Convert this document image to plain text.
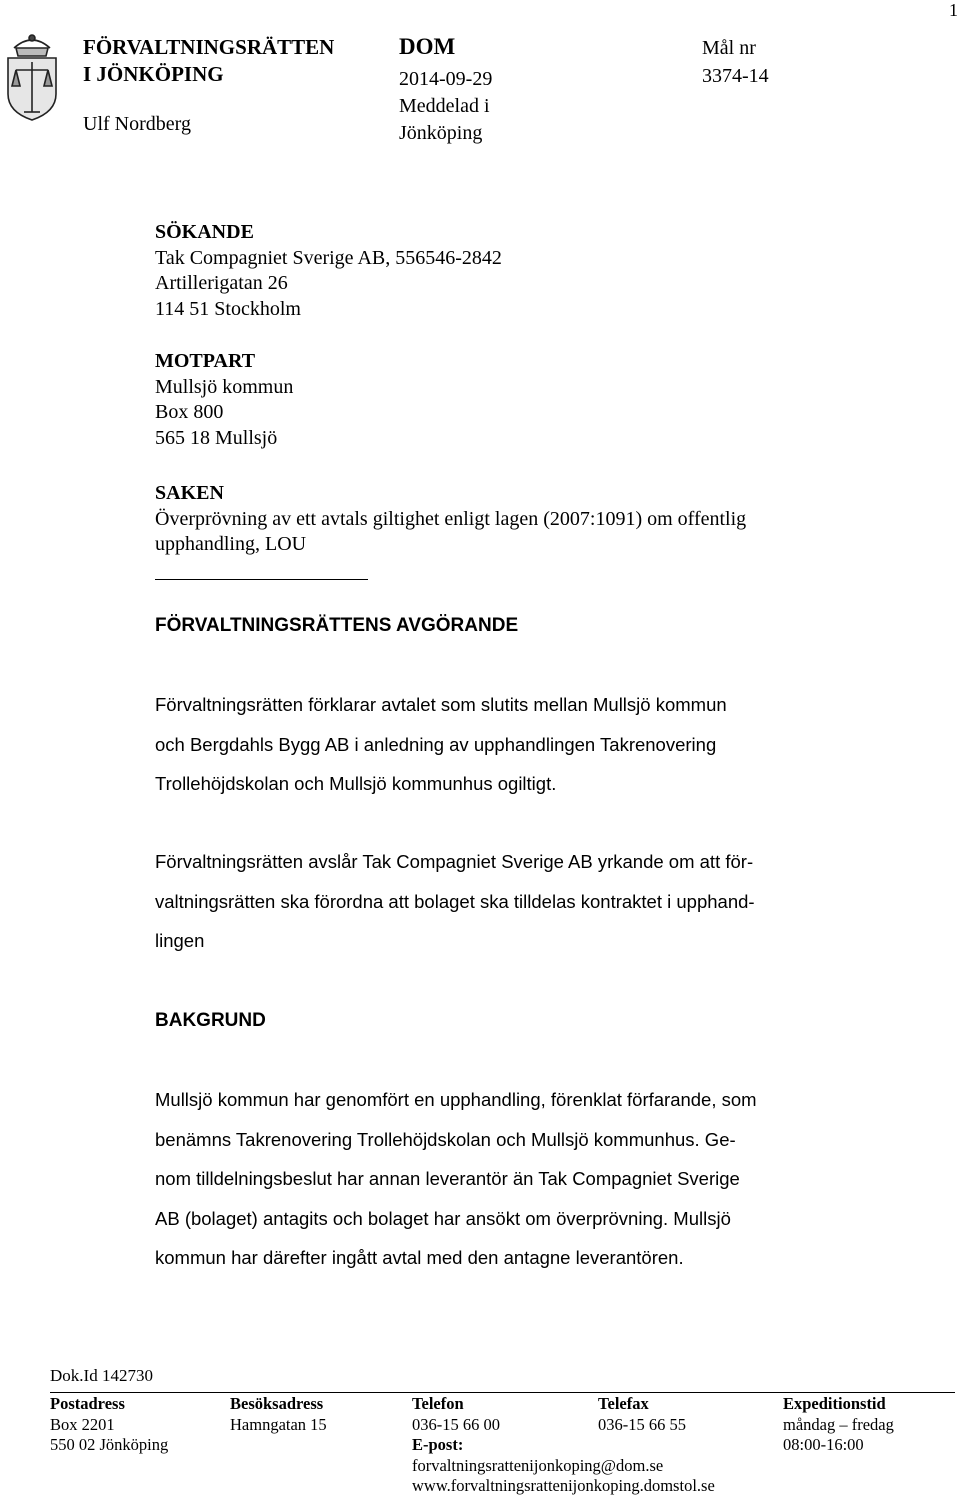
1
FÖRVALTNINGSRÄTTEN
I JÖNKÖPING
Ulf Nordberg
DOM
2014-09-29
Meddelad i
Jönköping
Mål nr
3374-14
SÖKANDE
Tak Compagniet Sverige AB, 556546-2842
Artillerigatan 26
114 51 Stockholm
MOTPART
Mullsjö kommun
Box 800
565 18 Mullsjö
SAKEN
Överprövning av ett avtals giltighet enligt lagen (2007:1091) om offentlig
upphandling, LOU
FÖRVALTNINGSRÄTTENS AVGÖRANDE
Förvaltningsrätten förklarar avtalet som slutits mellan Mullsjö kommun
och Bergdahls Bygg AB i anledning av upphandlingen Takrenovering
Trollehöjdskolan och Mullsjö kommunhus ogiltigt.
Förvaltningsrätten avslår Tak Compagniet Sverige AB yrkande om att för-
valtningsrätten ska förordna att bolaget ska tilldelas kontraktet i upphand-
lingen
BAKGRUND
Mullsjö kommun har genomfört en upphandling, förenklat förfarande, som
benämns Takrenovering Trollehöjdskolan och Mullsjö kommunhus. Ge-
nom tilldelningsbeslut har annan leverantör än Tak Compagniet Sverige
AB (bolaget) antagits och bolaget har ansökt om överprövning. Mullsjö
kommun har därefter ingått avtal med den antagne leverantören.
Dok.Id 142730
Postadress
Box 2201
550 02 Jönköping
Besöksadress
Hamngatan 15
Telefon
036-15 66 00
E-post:
forvaltningsrattenijonkoping@dom.se
www.forvaltningsrattenijonkoping.domstol.se
Telefax
036-15 66 55
Expeditionstid
måndag – fredag
08:00-16:00
